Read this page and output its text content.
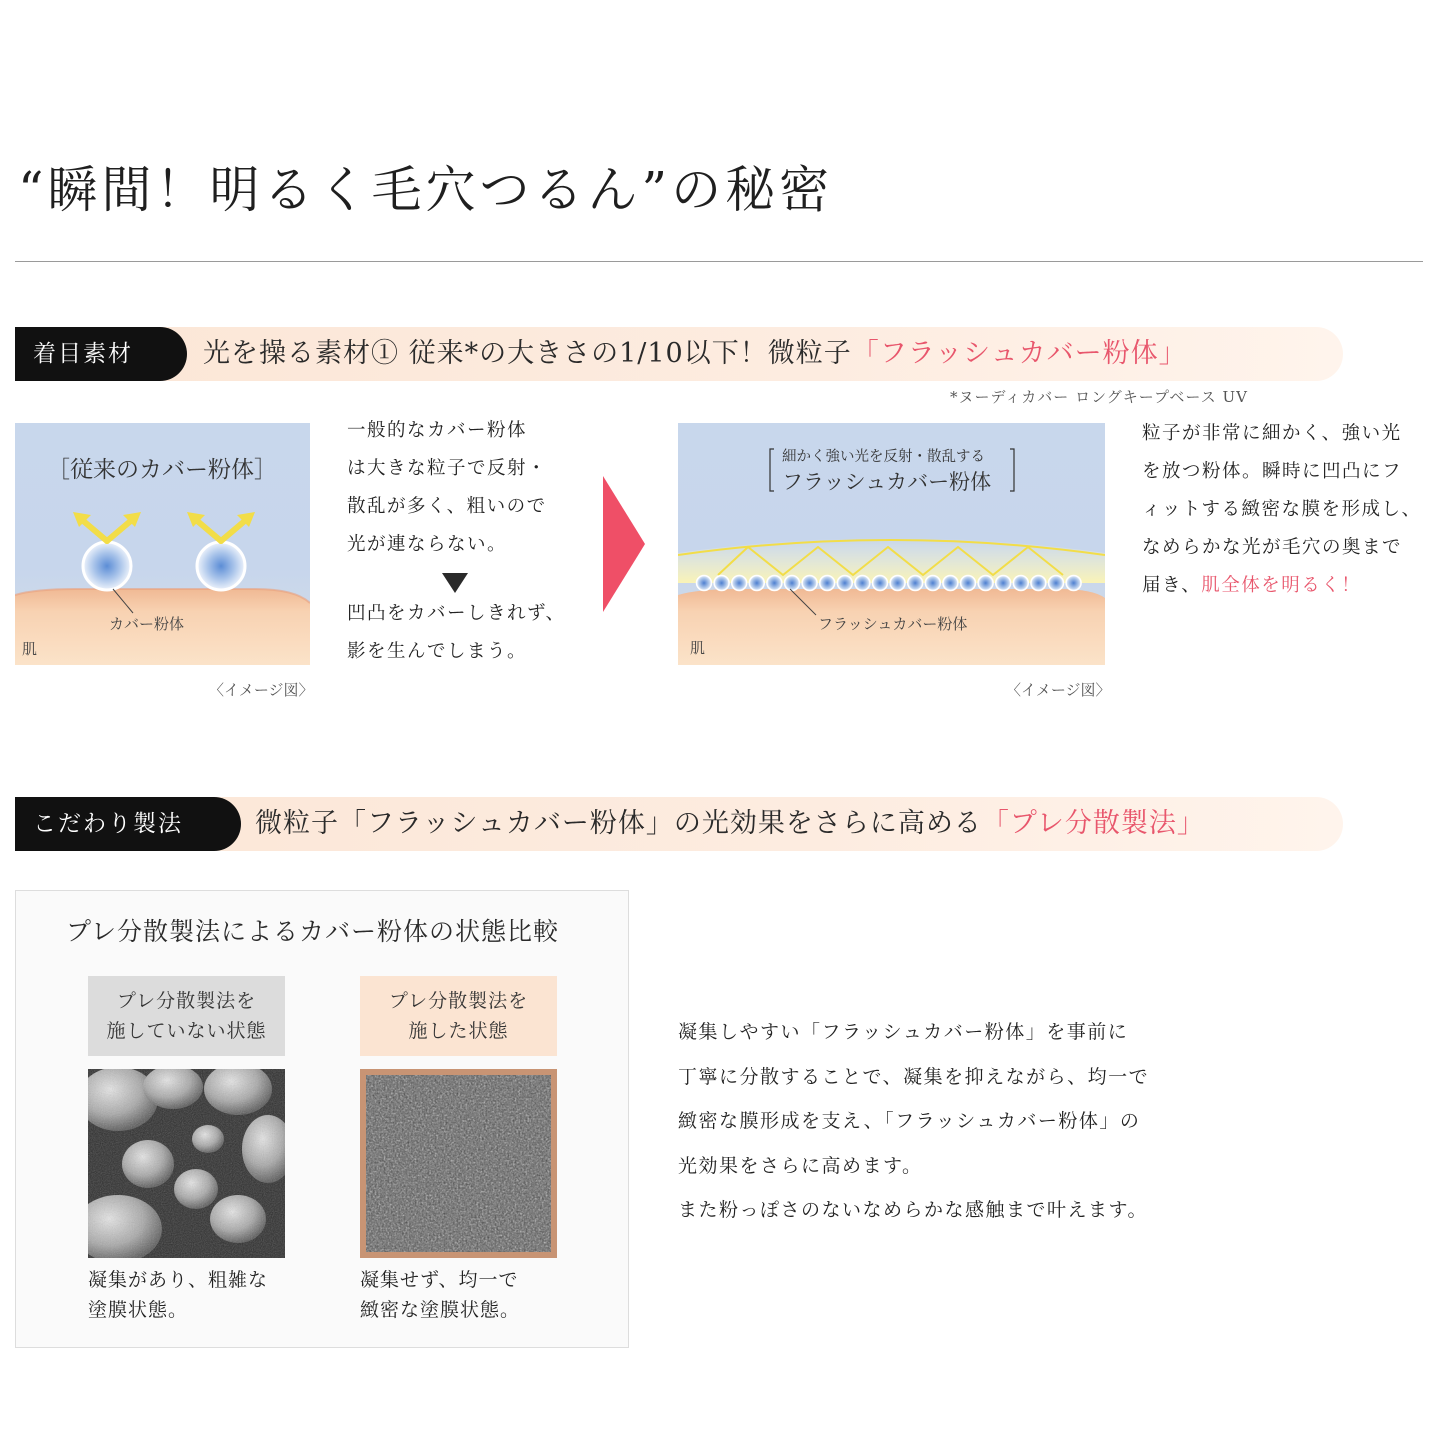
“瞬間！明るく毛穴つるん”の秘密
着目素材	光を操る素材① 従来*の大きさの1/10以下！微粒子「フラッシュカバー粉体」
*ヌーディカバー ロングキープベース UV
［従来のカバー粉体］
カバー粉体
肌
〈イメージ図〉
一般的なカバー粉体
は大きな粒子で反射・
散乱が多く、粗いので
光が連ならない。
凹凸をカバーしきれず、
影を生んでしまう。
細かく強い光を反射・散乱する
フラッシュカバー粉体
フラッシュカバー粉体
肌
〈イメージ図〉
粒子が非常に細かく、強い光
を放つ粉体。瞬時に凹凸にフ
ィットする緻密な膜を形成し、
なめらかな光が毛穴の奥まで
届き、肌全体を明るく！
こだわり製法	微粒子「フラッシュカバー粉体」の光効果をさらに高める「プレ分散製法」
プレ分散製法によるカバー粉体の状態比較
プレ分散製法を
施していない状態
プレ分散製法を
施した状態
凝集があり、粗雑な
塗膜状態。
凝集せず、均一で
緻密な塗膜状態。
凝集しやすい「フラッシュカバー粉体」を事前に
丁寧に分散することで、凝集を抑えながら、均一で
緻密な膜形成を支え、「フラッシュカバー粉体」の
光効果をさらに高めます。
また粉っぽさのないなめらかな感触まで叶えます。
